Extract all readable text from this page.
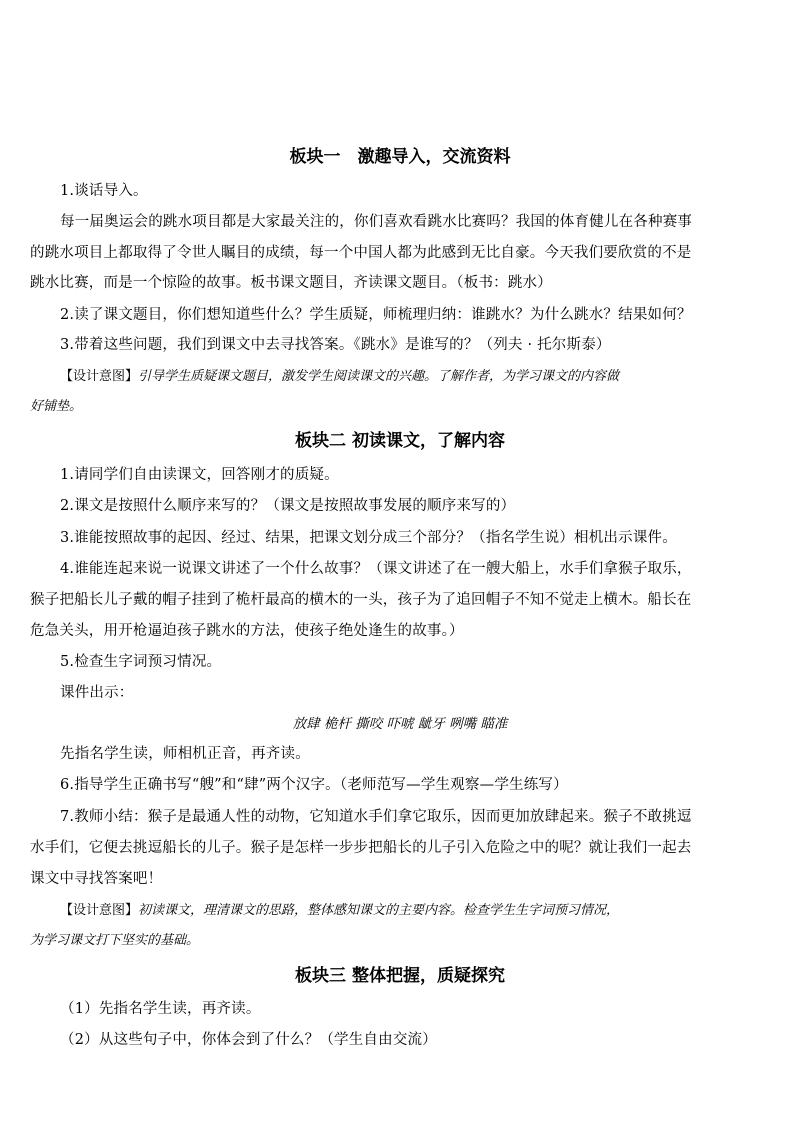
板块一　激趣导入，交流资料
1.谈话导入。
每一届奥运会的跳水项目都是大家最关注的，你们喜欢看跳水比赛吗？我国的体育健儿在各种赛事
的跳水项目上都取得了令世人瞩目的成绩，每一个中国人都为此感到无比自豪。今天我们要欣赏的不是
跳水比赛，而是一个惊险的故事。板书课文题目，齐读课文题目。（板书：跳水）
2.读了课文题目，你们想知道些什么？学生质疑，师梳理归纳：谁跳水？为什么跳水？结果如何？
3.带着这些问题，我们到课文中去寻找答案。《跳水》是谁写的？（列夫 · 托尔斯泰）
【设计意图】引导学生质疑课文题目，激发学生阅读课文的兴趣。了解作者，为学习课文的内容做
好铺垫。
板块二 初读课文，了解内容
1.请同学们自由读课文，回答刚才的质疑。
2.课文是按照什么顺序来写的？（课文是按照故事发展的顺序来写的）
3.谁能按照故事的起因、经过、结果，把课文划分成三个部分？（指名学生说）相机出示课件。
4.谁能连起来说一说课文讲述了一个什么故事？（课文讲述了在一艘大船上，水手们拿猴子取乐，
猴子把船长儿子戴的帽子挂到了桅杆最高的横木的一头，孩子为了追回帽子不知不觉走上横木。船长在
危急关头，用开枪逼迫孩子跳水的方法，使孩子绝处逢生的故事。）
5.检查生字词预习情况。
课件出示：
放肆 桅杆 撕咬 吓唬 龇牙 咧嘴 瞄准
先指名学生读，师相机正音，再齐读。
6.指导学生正确书写“艘”和“肆”两个汉字。（老师范写—学生观察—学生练写）
7.教师小结：猴子是最通人性的动物，它知道水手们拿它取乐，因而更加放肆起来。猴子不敢挑逗
水手们，它便去挑逗船长的儿子。猴子是怎样一步步把船长的儿子引入危险之中的呢？就让我们一起去
课文中寻找答案吧！
【设计意图】初读课文，理清课文的思路，整体感知课文的主要内容。检查学生生字词预习情况，
为学习课文打下坚实的基础。
板块三 整体把握，质疑探究
（1）先指名学生读，再齐读。
（2）从这些句子中，你体会到了什么？（学生自由交流）
